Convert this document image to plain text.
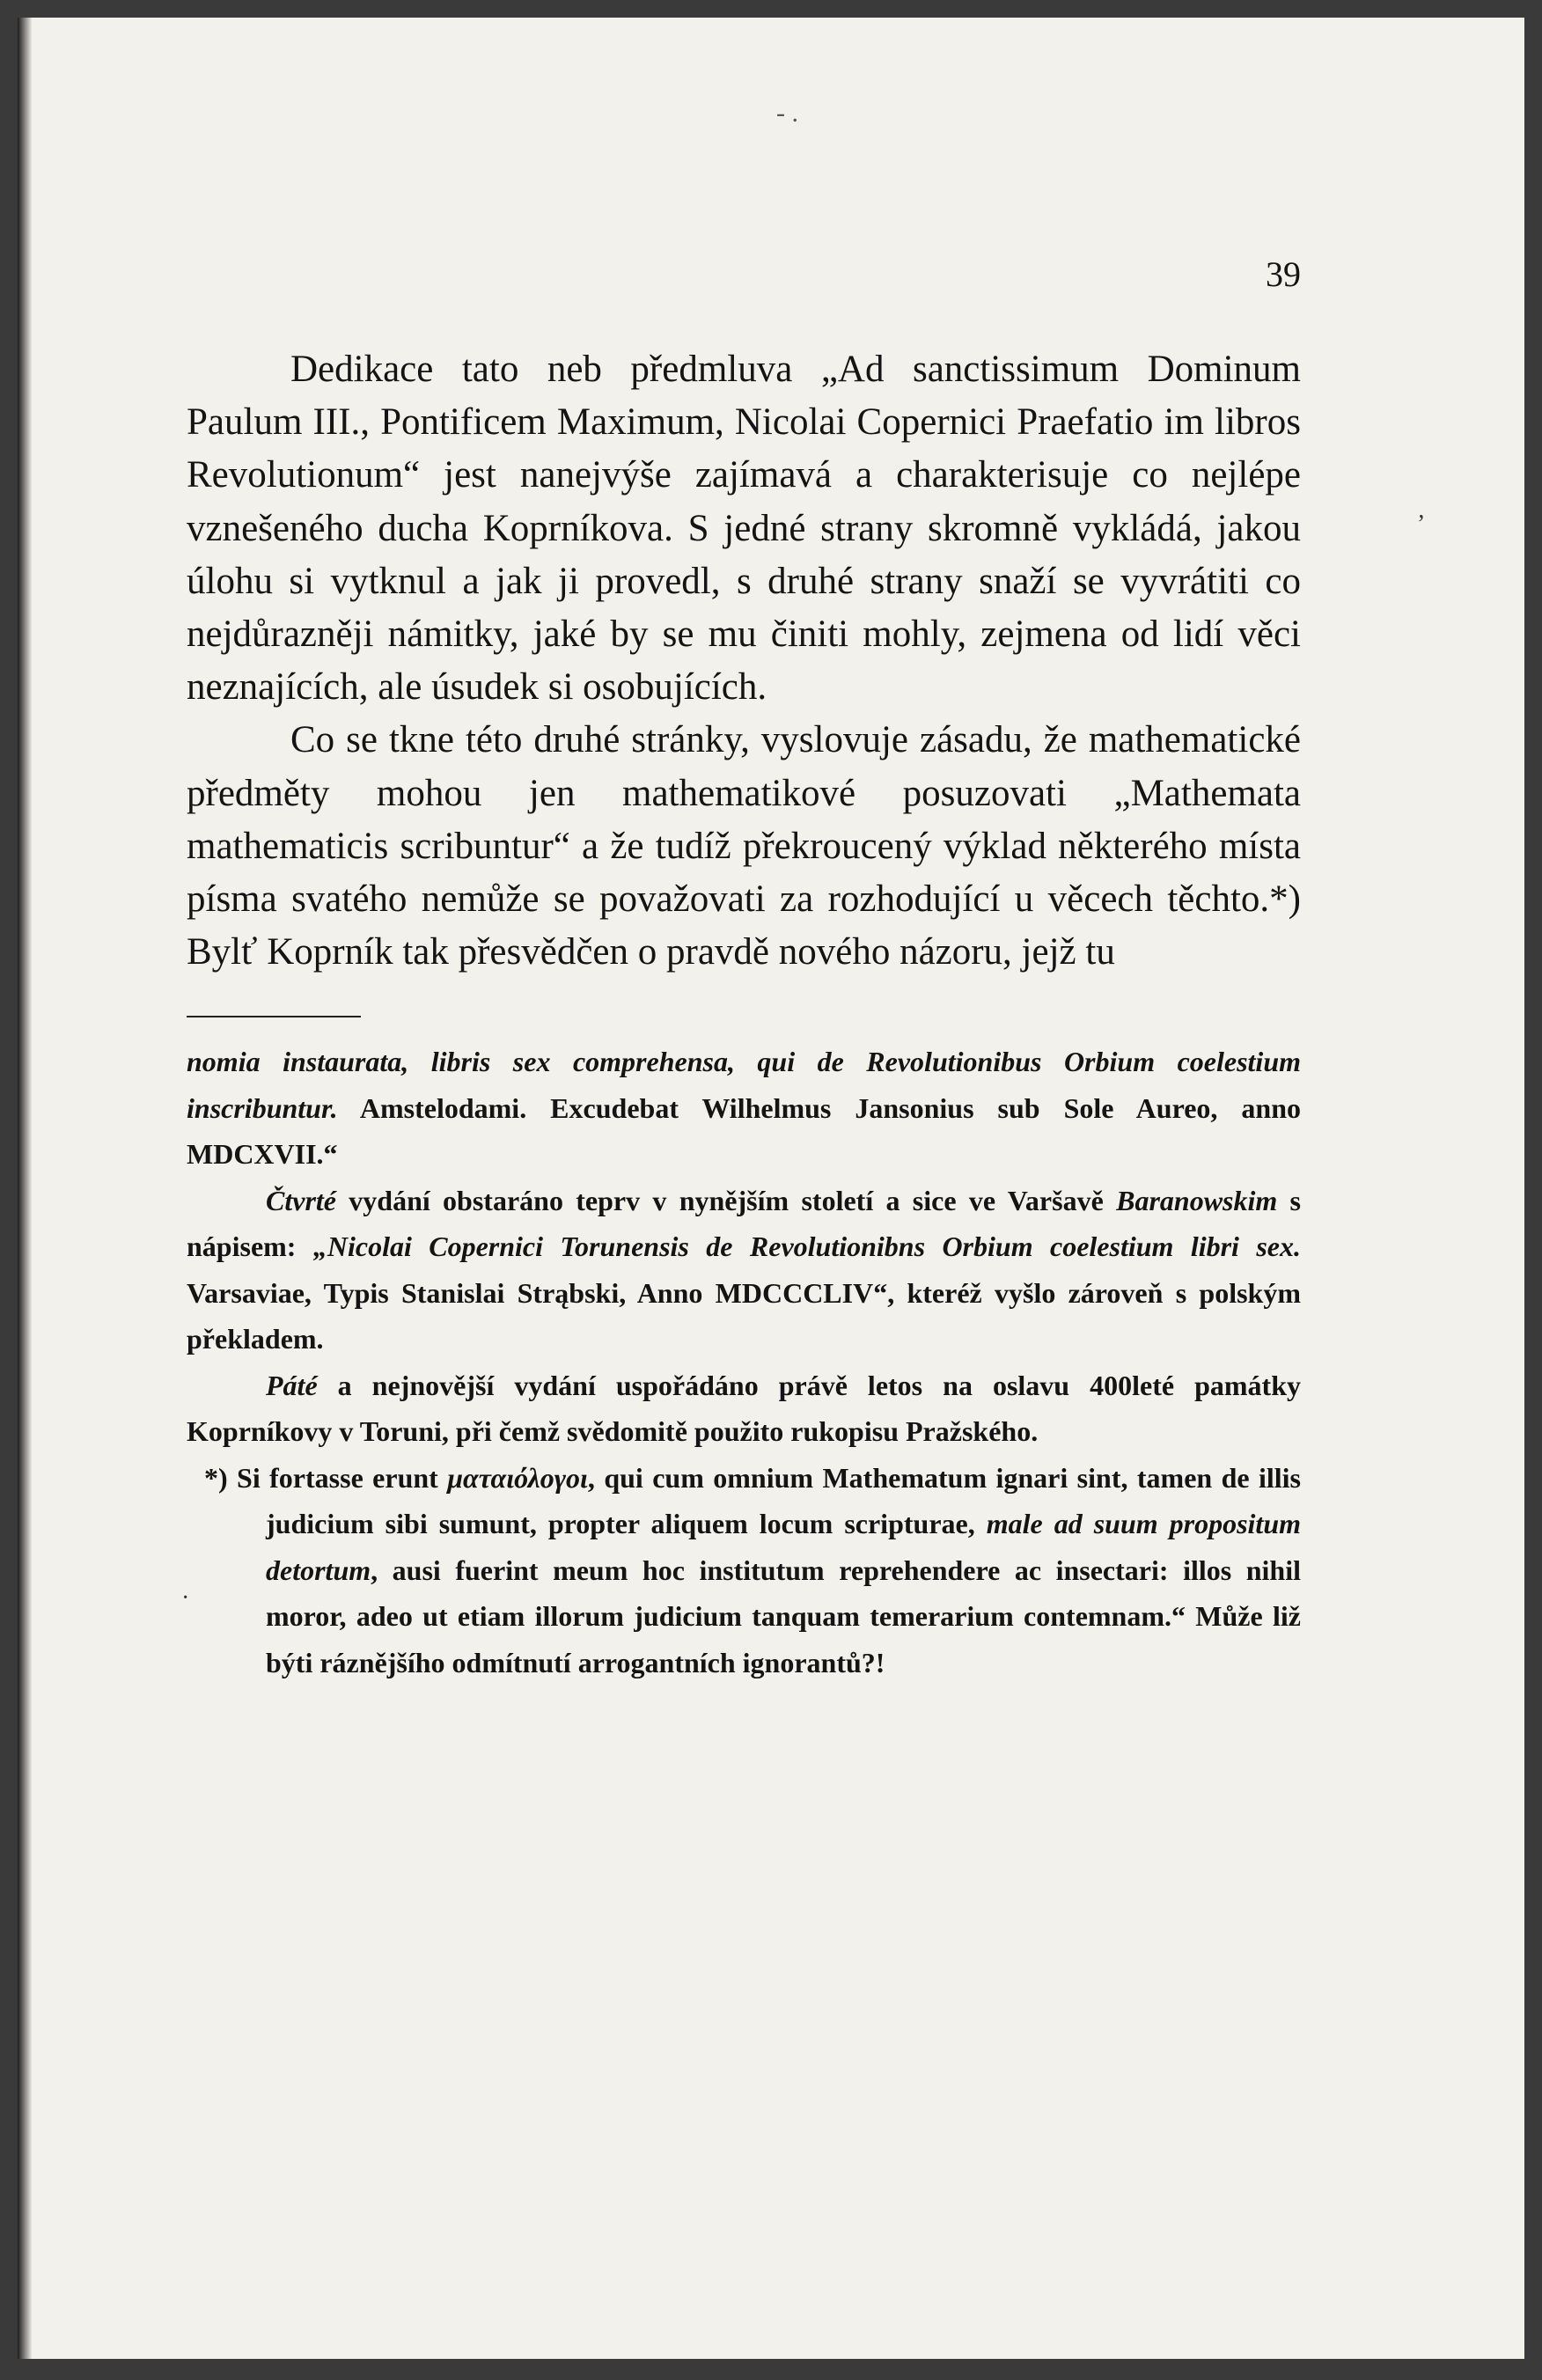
- .
39

Dedikace tato neb předmluva „Ad sanctissimum Dominum Paulum III., Pontificem Maximum, Nicolai Copernici Praefatio im libros Revolutionum“ jest nanejvýše zajímavá a charakterisuje co nejlépe vznešeného ducha Koprníkova. S jedné strany skromně vykládá, jakou úlohu si vytknul a jak ji provedl, s druhé strany snaží se vyvrátiti co nejdůrazněji námitky, jaké by se mu činiti mohly, zejmena od lidí věci neznajících, ale úsudek si osobujících.

Co se tkne této druhé stránky, vyslovuje zásadu, že mathematické předměty mohou jen mathematikové posuzovati „Mathemata mathematicis scribuntur“ a že tudíž překroucený výklad některého místa písma svatého nemůže se považovati za rozhodující u věcech těchto.*) Bylť Koprník tak přesvědčen o pravdě nového názoru, jejž tu

nomia instaurata, libris sex comprehensa, qui de Revolutionibus Orbium coelestium inscribuntur. Amstelodami. Excudebat Wilhelmus Jansonius sub Sole Aureo, anno MDCXVII.“

Čtvrté vydání obstaráno teprv v nynějším století a sice ve Varšavě Baranowskim s nápisem: „Nicolai Copernici Torunensis de Revolutionibns Orbium coelestium libri sex. Varsaviae, Typis Stanislai Strąbski, Anno MDCCCLIV“, kteréž vyšlo zároveň s polským překladem.

Páté a nejnovější vydání uspořádáno právě letos na oslavu 400leté památky Koprníkovy v Toruni, při čemž svědomitě použito rukopisu Pražského.

*) Si fortasse erunt ματαιόλογοι, qui cum omnium Mathematum ignari sint, tamen de illis judicium sibi sumunt, propter aliquem locum scripturae, male ad suum propositum detortum, ausi fuerint meum hoc institutum reprehendere ac insectari: illos nihil moror, adeo ut etiam illorum judicium tanquam temerarium contemnam.“ Může liž býti ráznějšího odmítnutí arrogantních ignorantů?!

ʼ
·
